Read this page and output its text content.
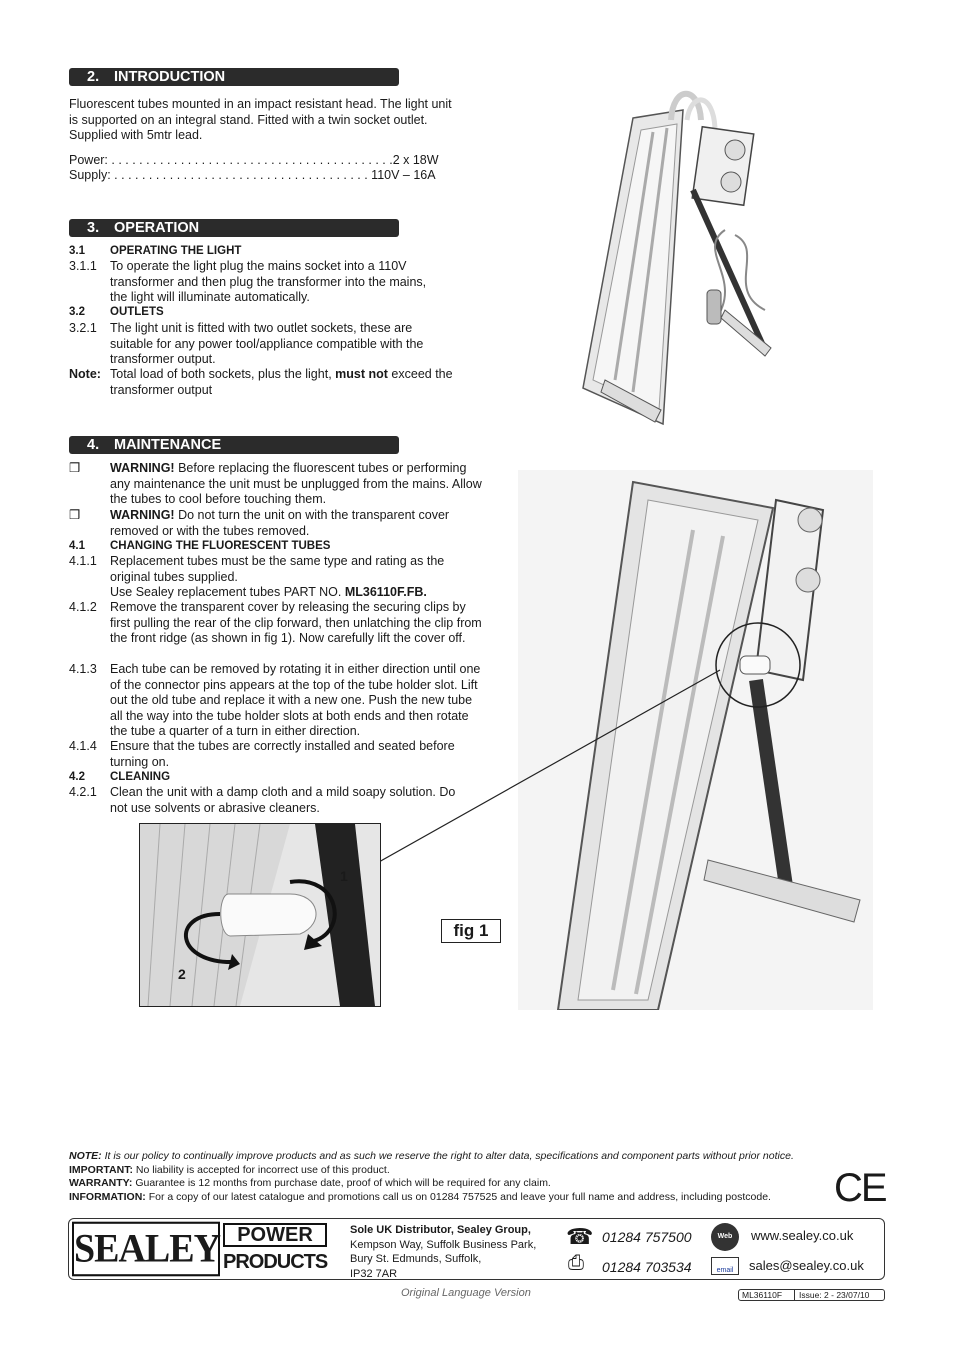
2. INTRODUCTION
Fluorescent tubes mounted in an impact resistant head. The light unit is supported on an integral stand. Fitted with a twin socket outlet. Supplied with 5mtr lead.
Power: . . . . . . . . . . . . . . . . . . . . . . . . . . . . . . . . . . . . . . . . .2 x 18W
Supply: . . . . . . . . . . . . . . . . . . . . . . . . . . . . . . . . . . . . . 110V – 16A
3. OPERATION
3.1 OPERATING THE LIGHT
3.1.1 To operate the light plug the mains socket into a 110V transformer and then plug the transformer into the mains, the light will illuminate automatically.
3.2 OUTLETS
3.2.1 The light unit is fitted with two outlet sockets, these are suitable for any power tool/appliance compatible with the transformer output.
Note: Total load of both sockets, plus the light, must not exceed the transformer output
4. MAINTENANCE
❒ WARNING! Before replacing the fluorescent tubes or performing any maintenance the unit must be unplugged from the mains. Allow the tubes to cool before touching them.
❒ WARNING! Do not turn the unit on with the transparent cover removed or with the tubes removed.
4.1 CHANGING THE FLUORESCENT TUBES
4.1.1 Replacement tubes must be the same type and rating as the original tubes supplied.
Use Sealey replacement tubes PART NO. ML36110F.FB.
4.1.2 Remove the transparent cover by releasing the securing clips by first pulling the rear of the clip forward, then unlatching the clip from the front ridge (as shown in fig 1). Now carefully lift the cover off.
4.1.3 Each tube can be removed by rotating it in either direction until one of the connector pins appears at the top of the tube holder slot. Lift out the old tube and replace it with a new one. Push the new tube all the way into the tube holder slots at both ends and then rotate the tube a quarter of a turn in either direction.
4.1.4 Ensure that the tubes are correctly installed and seated before turning on.
4.2 CLEANING
4.2.1 Clean the unit with a damp cloth and a mild soapy solution. Do not use solvents or abrasive cleaners.
1
2
fig 1
NOTE: It is our policy to continually improve products and as such we reserve the right to alter data, specifications and component parts without prior notice.
IMPORTANT: No liability is accepted for incorrect use of this product.
WARRANTY: Guarantee is 12 months from purchase date, proof of which will be required for any claim.
INFORMATION: For a copy of our latest catalogue and promotions call us on 01284 757525 and leave your full name and address, including postcode.	CE
SEALEY POWER
PRODUCTS
Sole UK Distributor, Sealey Group,
Kempson Way, Suffolk Business Park,
Bury St. Edmunds, Suffolk,
IP32 7AR
☎ 01284 757500
⎙ 01284 703534
Web	www.sealey.co.uk
email	sales@sealey.co.uk
Original Language Version	ML36110F Issue: 2 - 23/07/10
